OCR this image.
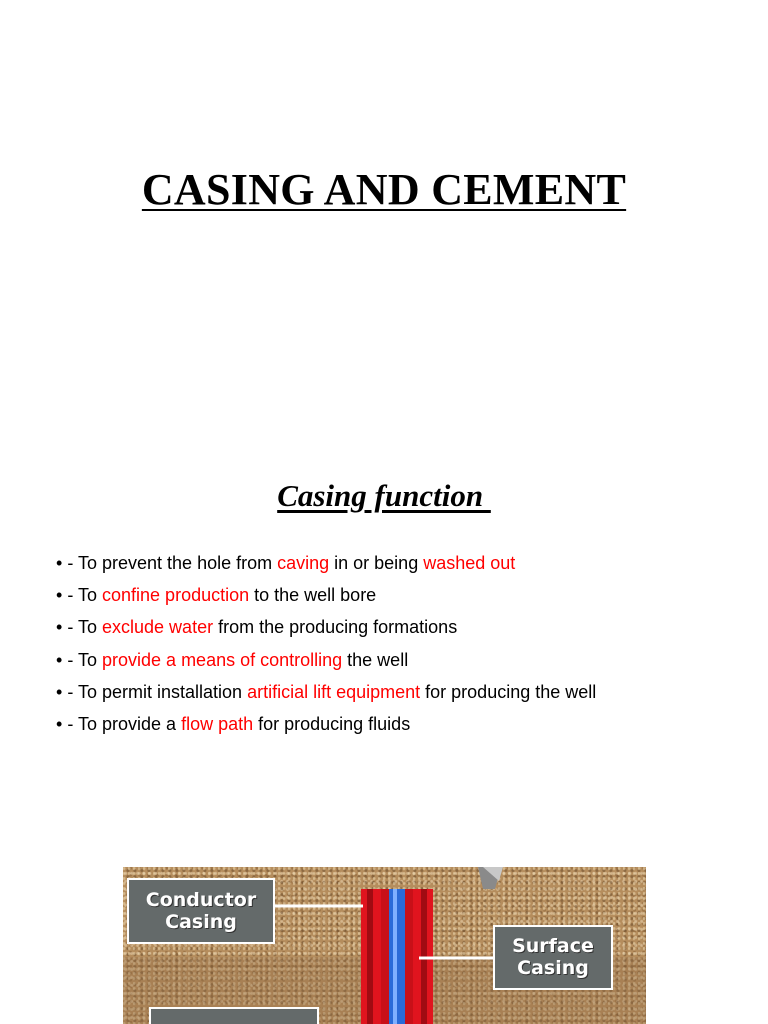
CASING AND CEMENT
Casing function
• - To prevent the hole from caving in or being washed out
• - To confine production to the well bore
• - To exclude water from the producing formations
• - To provide a means of controlling the well
• - To permit installation artificial lift equipment for producing the well
• - To provide a flow path for producing fluids
Conductor
Casing
Surface
Casing
